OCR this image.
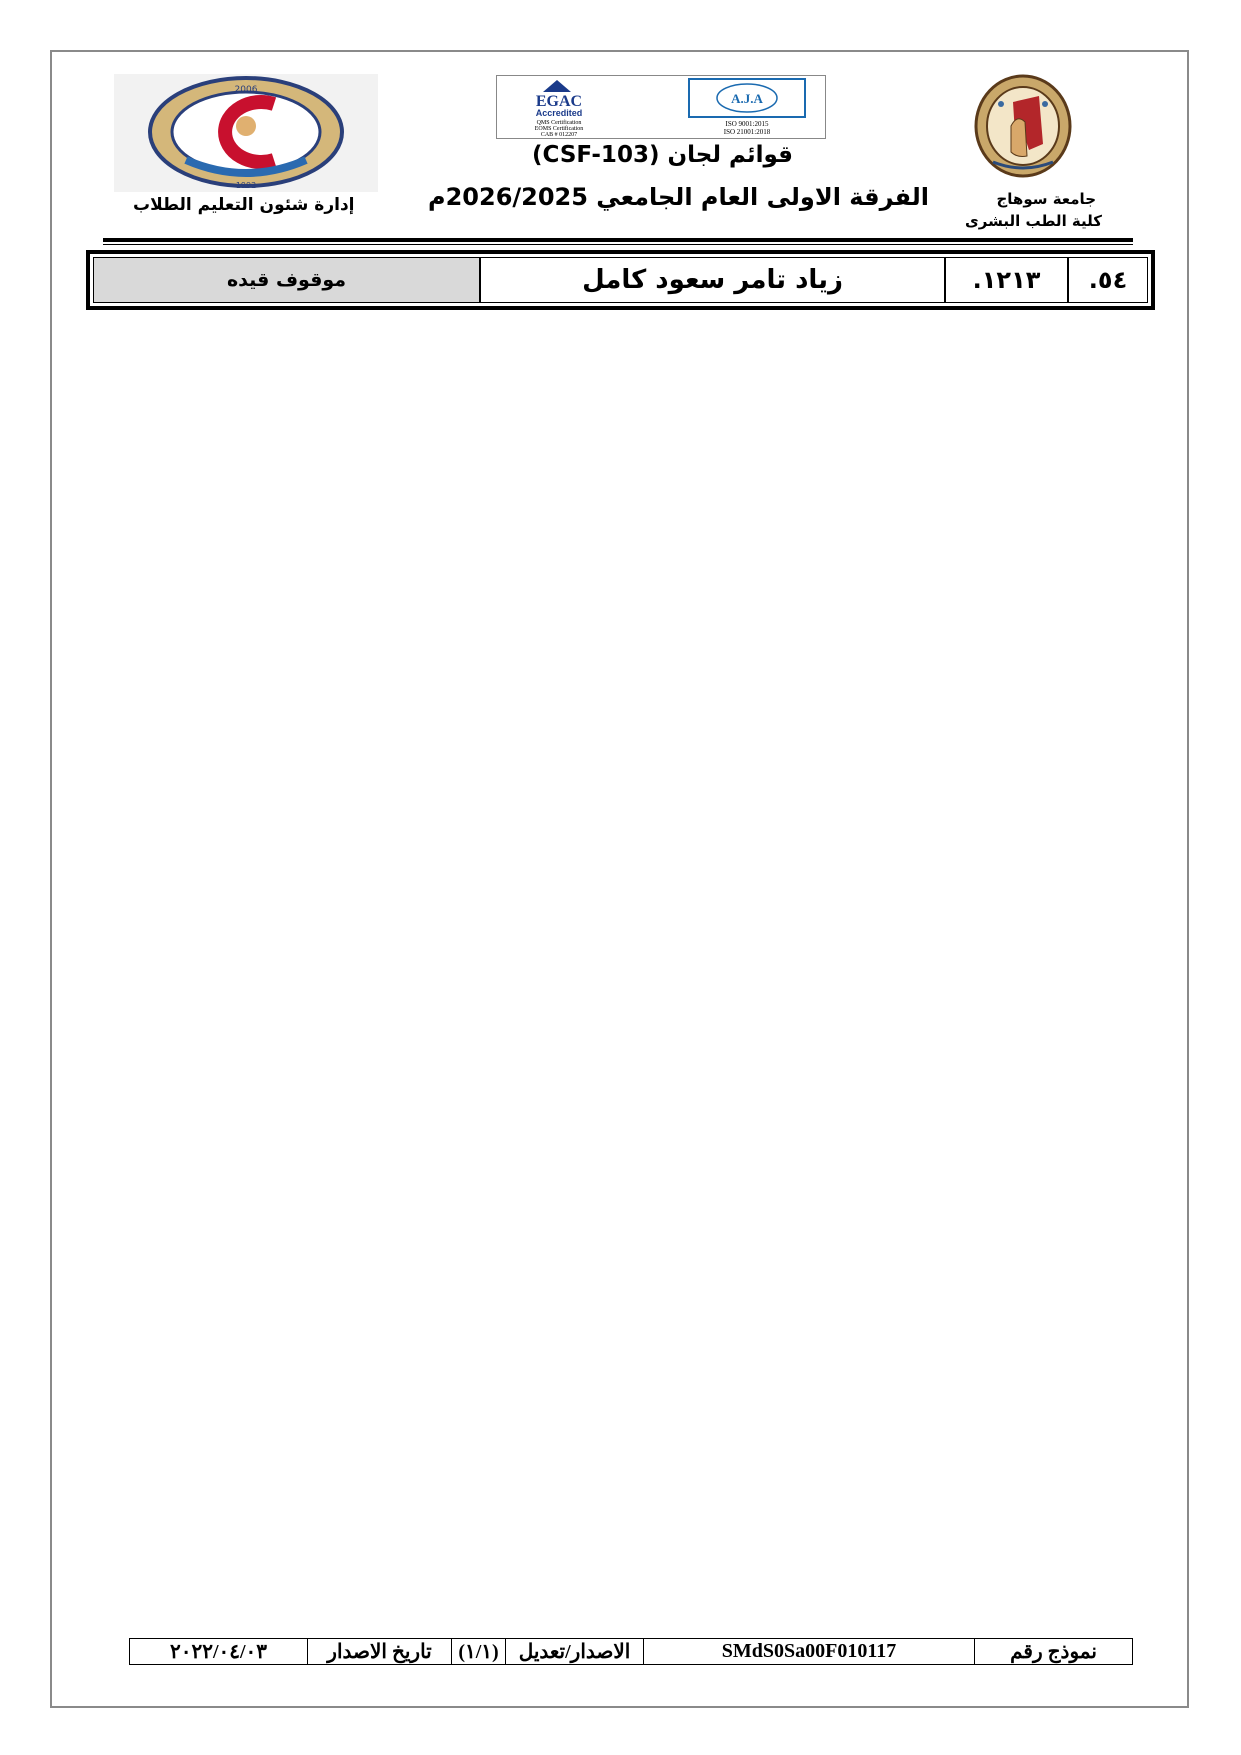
جامعة سوهاج
كلية الطب البشرى
2006
1992
إدارة شئون التعليم الطلاب
EGAC
Accredited
QMS Certification
EOMS Certification
CAB # 012207
A.J.A
ISO 9001:2015
ISO 21001:2018
قوائم لجان (CSF-103)
الفرقة الاولى العام الجامعي 2026/2025م
٥٤.
١٢١٣.
زياد تامر سعود كامل
موقوف قيده
نموذج رقم
SMdS0Sa00F010117
الاصدار/تعديل
(١/١)
تاريخ الاصدار
٢٠٢٢/٠٤/٠٣
